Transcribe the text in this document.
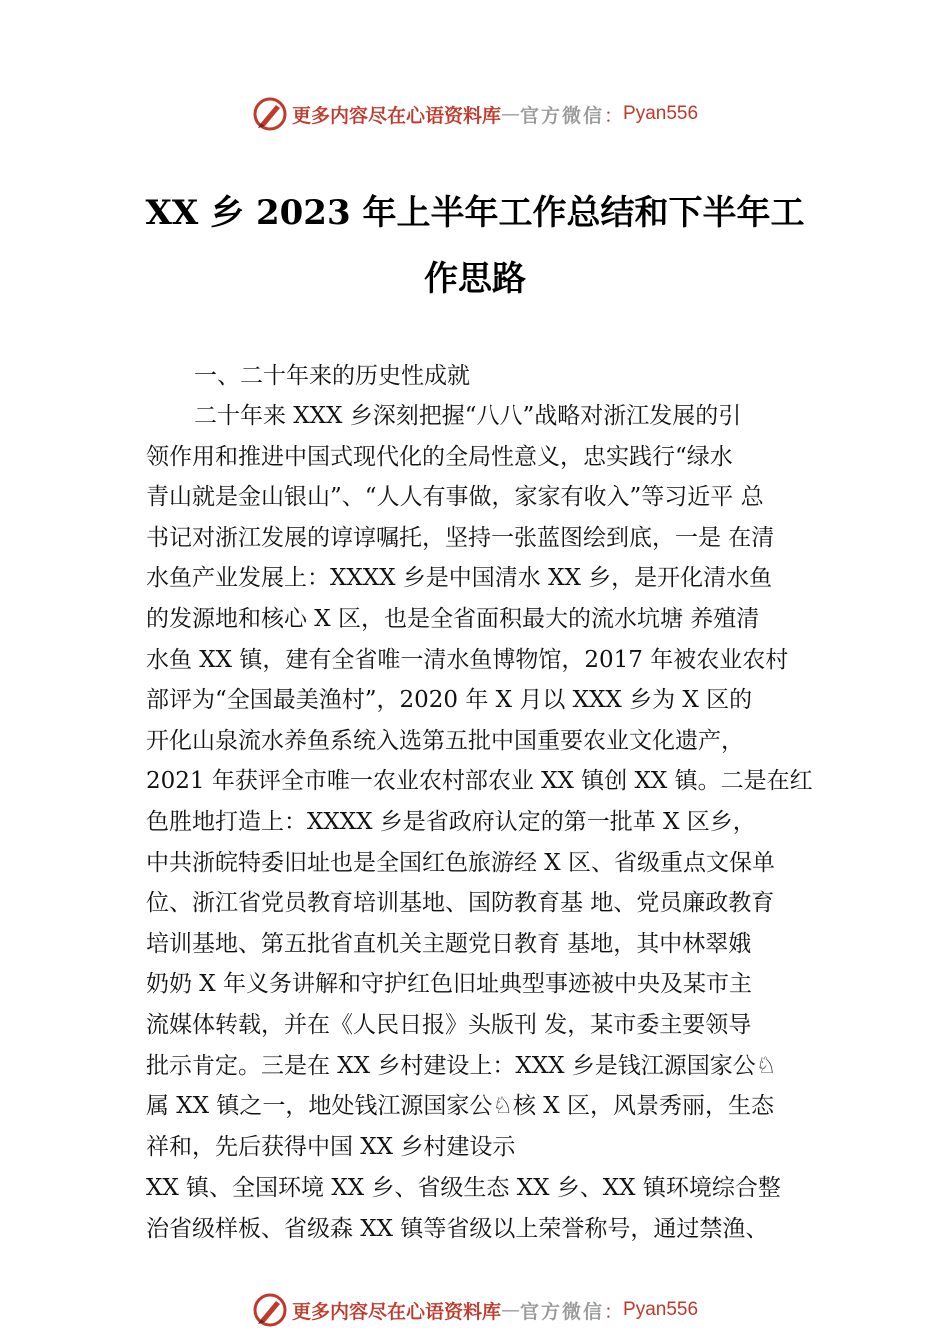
更多内容尽在心语资料库 — 官方微信 ： Pyan556
XX 乡 2023 年上半年工作总结和下半年工
作思路
一、二十年来的历史性成就
二十年来 XXX 乡深刻把握“八八”战略对浙江发展的引
领作用和推进中国式现代化的全局性意义，忠实践行“绿水
青山就是金山银山”、“人人有事做，家家有收入”等习近平 总
书记对浙江发展的谆谆嘱托，坚持一张蓝图绘到底，一是 在清
水鱼产业发展上：XXXX 乡是中国清水 XX 乡，是开化清水鱼
的发源地和核心 X 区，也是全省面积最大的流水坑塘 养殖清
水鱼 XX 镇，建有全省唯一清水鱼博物馆，2017 年被农业农村
部评为“全国最美渔村”，2020 年 X 月以 XXX 乡为 X 区的
开化山泉流水养鱼系统入选第五批中国重要农业文化遗产，
2021 年获评全市唯一农业农村部农业 XX 镇创 XX 镇。二是在红
色胜地打造上：XXXX 乡是省政府认定的第一批革 X 区乡，
中共浙皖特委旧址也是全国红色旅游经 X 区、省级重点文保单
位、浙江省党员教育培训基地、国防教育基 地、党员廉政教育
培训基地、第五批省直机关主题党日教育 基地，其中林翠娥
奶奶 X 年义务讲解和守护红色旧址典型事迹被中央及某市主
流媒体转载，并在《人民日报》头版刊 发，某市委主要领导
批示肯定。三是在 XX 乡村建设上：XXX 乡是钱江源国家公♘
属 XX 镇之一，地处钱江源国家公♘核 X 区，风景秀丽，生态
祥和，先后获得中国 XX 乡村建设示
XX 镇、全国环境 XX 乡、省级生态 XX 乡、XX 镇环境综合整
治省级样板、省级森 XX 镇等省级以上荣誉称号，通过禁渔、
更多内容尽在心语资料库 — 官方微信 ： Pyan556
